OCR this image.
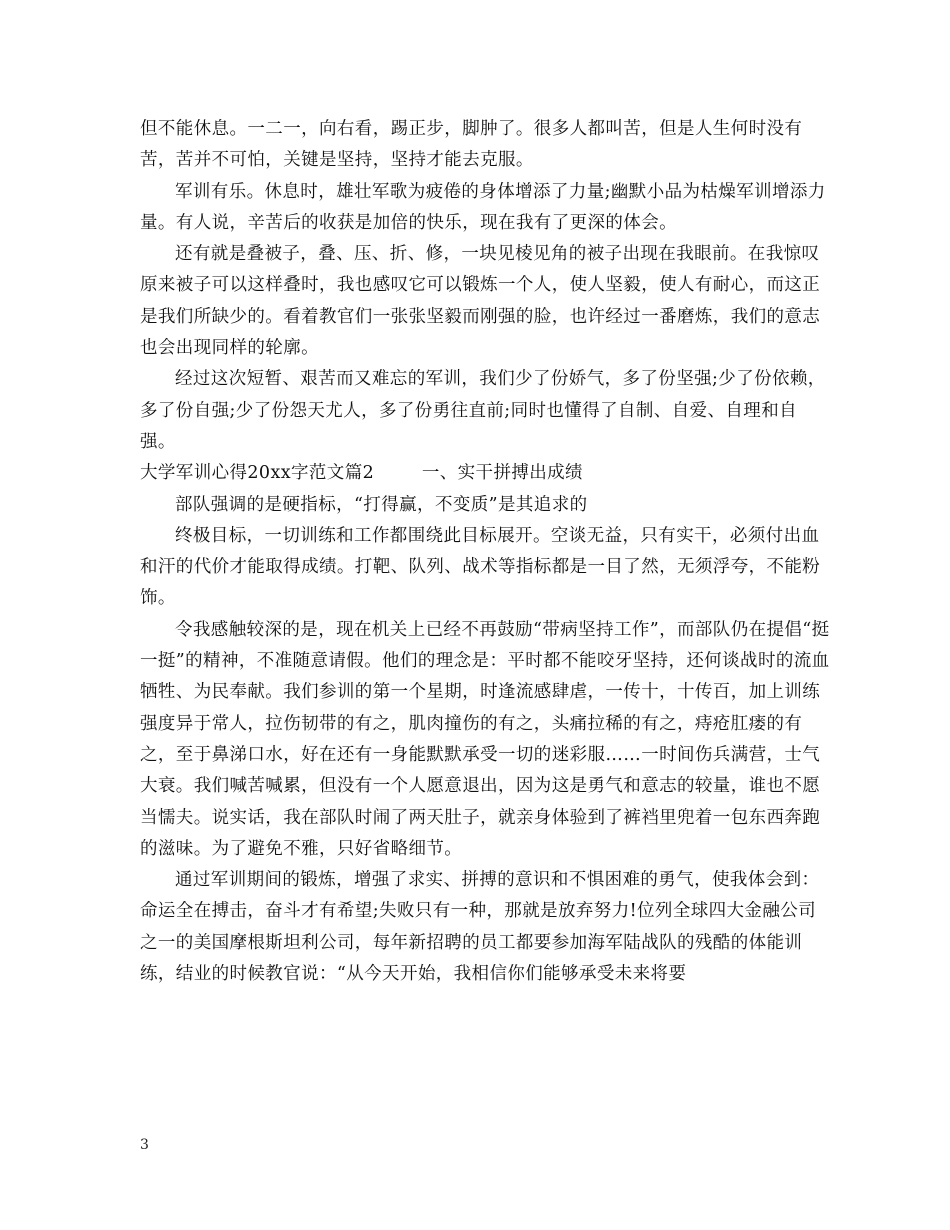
但不能休息。一二一，向右看，踢正步，脚肿了。很多人都叫苦，但是人生何时没有苦，苦并不可怕，关键是坚持，坚持才能去克服。

军训有乐。休息时，雄壮军歌为疲倦的身体增添了力量;幽默小品为枯燥军训增添力量。有人说，辛苦后的收获是加倍的快乐，现在我有了更深的体会。

还有就是叠被子，叠、压、折、修，一块见棱见角的被子出现在我眼前。在我惊叹原来被子可以这样叠时，我也感叹它可以锻炼一个人，使人坚毅，使人有耐心，而这正是我们所缺少的。看着教官们一张张坚毅而刚强的脸，也许经过一番磨炼，我们的意志也会出现同样的轮廓。

经过这次短暂、艰苦而又难忘的军训，我们少了份娇气，多了份坚强;少了份依赖，多了份自强;少了份怨天尤人，多了份勇往直前;同时也懂得了自制、自爱、自理和自强。

大学军训心得20xx字范文篇2	一、实干拼搏出成绩

部队强调的是硬指标，“打得赢，不变质”是其追求的

终极目标，一切训练和工作都围绕此目标展开。空谈无益，只有实干，必须付出血和汗的代价才能取得成绩。打靶、队列、战术等指标都是一目了然，无须浮夸，不能粉饰。

令我感触较深的是，现在机关上已经不再鼓励“带病坚持工作”，而部队仍在提倡“挺一挺”的精神，不准随意请假。他们的理念是：平时都不能咬牙坚持，还何谈战时的流血牺牲、为民奉献。我们参训的第一个星期，时逢流感肆虐，一传十，十传百，加上训练强度异于常人，拉伤韧带的有之，肌肉撞伤的有之，头痛拉稀的有之，痔疮肛瘘的有之，至于鼻涕口水，好在还有一身能默默承受一切的迷彩服……一时间伤兵满营，士气大衰。我们喊苦喊累，但没有一个人愿意退出，因为这是勇气和意志的较量，谁也不愿当懦夫。说实话，我在部队时闹了两天肚子，就亲身体验到了裤裆里兜着一包东西奔跑的滋味。为了避免不雅，只好省略细节。

通过军训期间的锻炼，增强了求实、拼搏的意识和不惧困难的勇气，使我体会到：命运全在搏击，奋斗才有希望;失败只有一种，那就是放弃努力!位列全球四大金融公司之一的美国摩根斯坦利公司，每年新招聘的员工都要参加海军陆战队的残酷的体能训练，结业的时候教官说：“从今天开始，我相信你们能够承受未来将要

3
